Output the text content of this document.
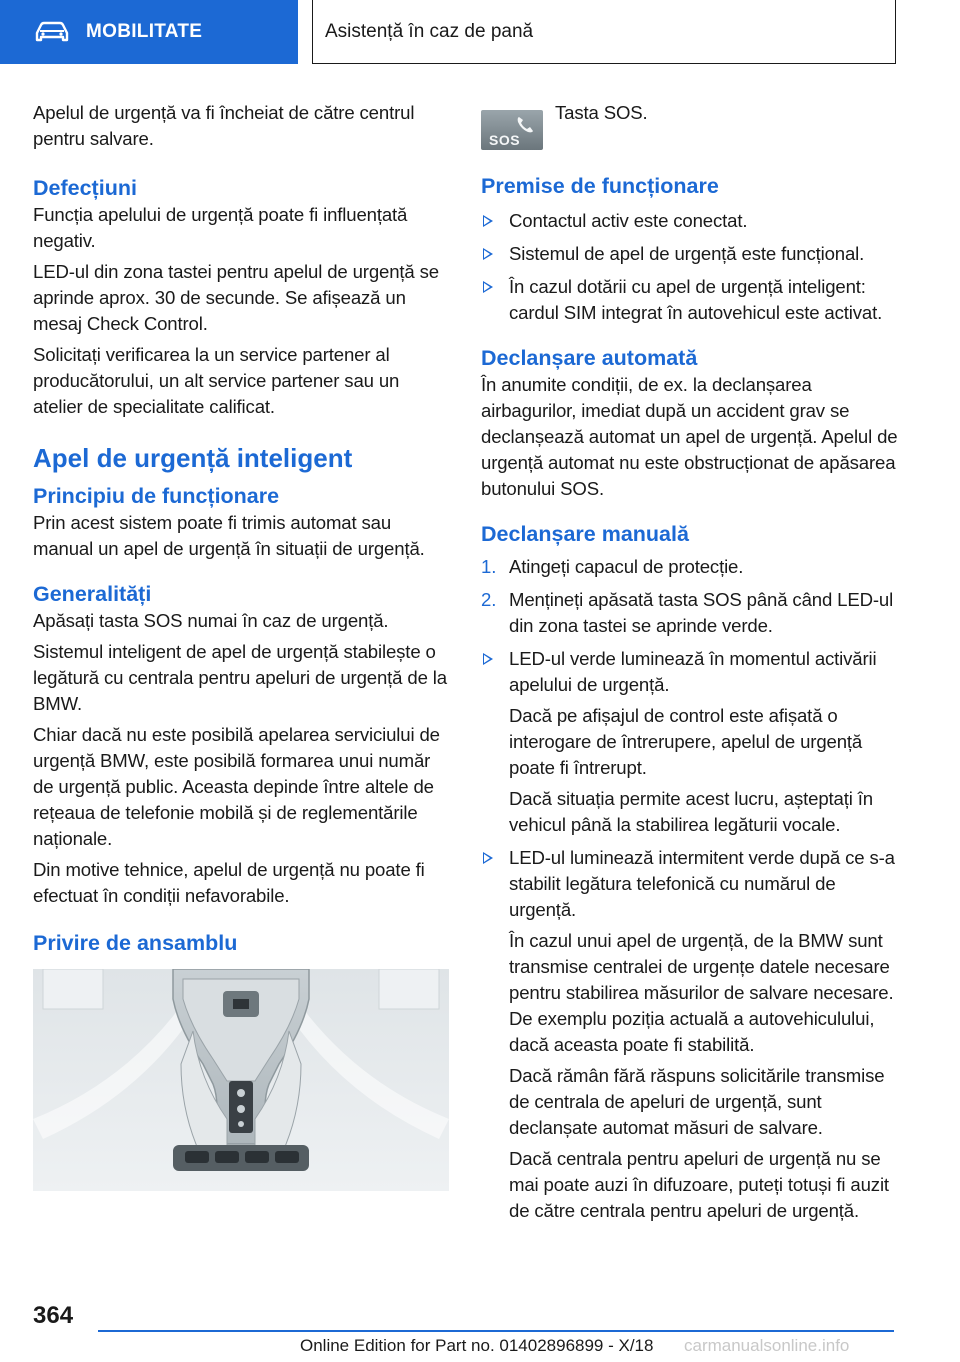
MOBILITATE	Asistență în caz de pană

Apelul de urgență va fi încheiat de către centrul pentru salvare.

Defecțiuni

Funcția apelului de urgență poate fi influențată negativ.

LED-ul din zona tastei pentru apelul de urgență se aprinde aprox. 30 de secunde. Se afișează un mesaj Check Control.

Solicitați verificarea la un service partener al producătorului, un alt service partener sau un atelier de specialitate calificat.

Apel de urgență inteligent
Principiu de funcționare

Prin acest sistem poate fi trimis automat sau manual un apel de urgență în situații de urgență.

Generalități

Apăsați tasta SOS numai în caz de urgență.

Sistemul inteligent de apel de urgență stabilește o legătură cu centrala pentru apeluri de urgență de la BMW.

Chiar dacă nu este posibilă apelarea serviciului de urgență BMW, este posibilă formarea unui număr de urgență public. Aceasta depinde între altele de rețeaua de telefonie mobilă și de reglementările naționale.

Din motive tehnice, apelul de urgență nu poate fi efectuat în condiții nefavorabile.

Privire de ansamblu
SOS

Tasta SOS.

Premise de funcționare
Contactul activ este conectat.
Sistemul de apel de urgență este funcțional.
În cazul dotării cu apel de urgență inteligent: cardul SIM integrat în autovehicul este activat.
Declanșare automată

În anumite condiții, de ex. la declanșarea airbagurilor, imediat după un accident grav se declanșează automat un apel de urgență. Apelul de urgență automat nu este obstrucționat de apăsarea butonului SOS.

Declanșare manuală
1. Atingeți capacul de protecție.
2. Mențineți apăsată tasta SOS până când LED-ul din zona tastei se aprinde verde.
LED-ul verde luminează în momentul activării apelului de urgență.
Dacă pe afișajul de control este afișată o interogare de întrerupere, apelul de urgență poate fi întrerupt.
Dacă situația permite acest lucru, așteptați în vehicul până la stabilirea legăturii vocale.
LED-ul luminează intermitent verde după ce s-a stabilit legătura telefonică cu numărul de urgență.
În cazul unui apel de urgență, de la BMW sunt transmise centralei de urgențe datele necesare pentru stabilirea măsurilor de salvare necesare. De exemplu poziția actuală a autovehiculului, dacă aceasta poate fi stabilită.
Dacă rămân fără răspuns solicitările transmise de centrala de apeluri de urgență, sunt declanșate automat măsuri de salvare.
Dacă centrala pentru apeluri de urgență nu se mai poate auzi în difuzoare, puteți totuși fi auzit de către centrala pentru apeluri de urgență.
364
Online Edition for Part no. 01402896899 - X/18 carmanualsonline.info
